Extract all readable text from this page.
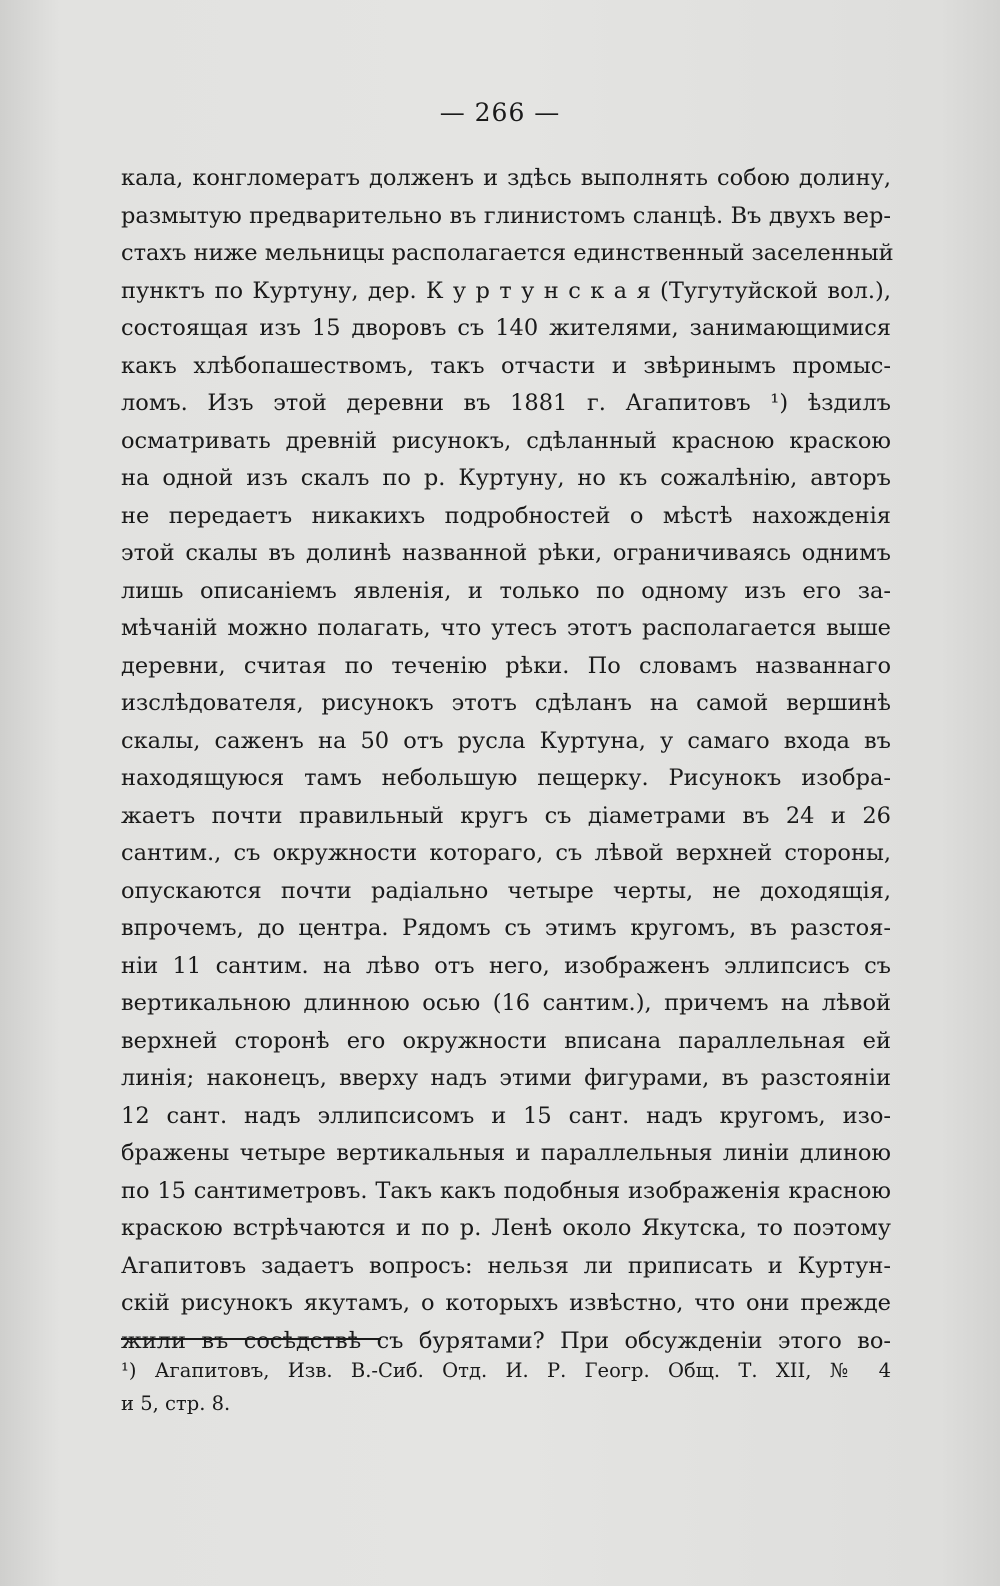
— 266 —
кала, конгломератъ долженъ и здѣсь выполнять собою долину,
размытую предварительно въ глинистомъ сланцѣ. Въ двухъ вер-
стахъ ниже мельницы располагается единственный заселенный
пунктъ по Куртуну, дер. К у р т у н с к а я (Тугутуйской вол.),
состоящая изъ 15 дворовъ съ 140 жителями, занимающимися
какъ хлѣбопашествомъ, такъ отчасти и звѣринымъ промыс-
ломъ. Изъ этой деревни въ 1881 г. Агапитовъ ¹) ѣздилъ
осматривать древній рисунокъ, сдѣланный красною краскою
на одной изъ скалъ по р. Куртуну, но къ сожалѣнію, авторъ
не передаетъ никакихъ подробностей о мѣстѣ нахожденія
этой скалы въ долинѣ названной рѣки, ограничиваясь однимъ
лишь описаніемъ явленія, и только по одному изъ его за-
мѣчаній можно полагать, что утесъ этотъ располагается выше
деревни, считая по теченію рѣки. По словамъ названнаго
изслѣдователя, рисунокъ этотъ сдѣланъ на самой вершинѣ
скалы, саженъ на 50 отъ русла Куртуна, у самаго входа въ
находящуюся тамъ небольшую пещерку. Рисунокъ изобра-
жаетъ почти правильный кругъ съ діаметрами въ 24 и 26
сантим., съ окружности котораго, съ лѣвой верхней стороны,
опускаются почти радіально четыре черты, не доходящія,
впрочемъ, до центра. Рядомъ съ этимъ кругомъ, въ разстоя-
ніи 11 сантим. на лѣво отъ него, изображенъ эллипсисъ съ
вертикальною длинною осью (16 сантим.), причемъ на лѣвой
верхней сторонѣ его окружности вписана параллельная ей
линія; наконецъ, вверху надъ этими фигурами, въ разстояніи
12 сант. надъ эллипсисомъ и 15 сант. надъ кругомъ, изо-
бражены четыре вертикальныя и параллельныя линіи длиною
по 15 сантиметровъ. Такъ какъ подобныя изображенія красною
краскою встрѣчаются и по р. Ленѣ около Якутска, то поэтому
Агапитовъ задаетъ вопросъ: нельзя ли приписать и Куртун-
скій рисунокъ якутамъ, о которыхъ извѣстно, что они прежде
жили въ сосѣдствѣ съ бурятами? При обсужденіи этого во-
¹) Агапитовъ, Изв. В.-Сиб. Отд. И. Р. Геогр. Общ. Т. XII, № 4
и 5, стр. 8.
